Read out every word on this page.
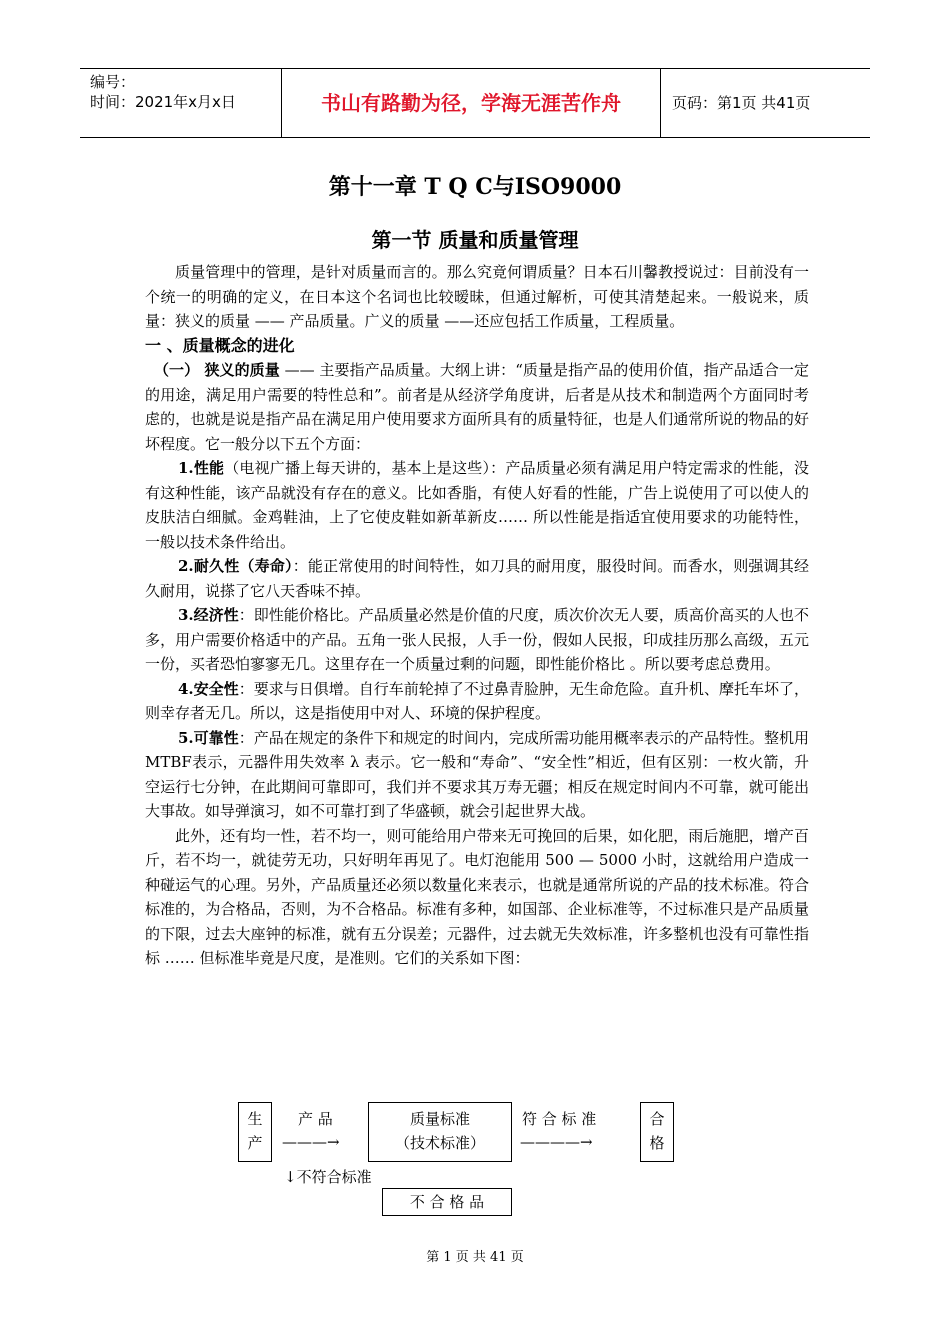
编号：
时间：2021年x月x日	书山有路勤为径，学海无涯苦作舟	页码：第1页 共41页
第十一章 T Q C与ISO9000
第一节 质量和质量管理

质量管理中的管理，是针对质量而言的。那么究竟何谓质量？日本石川馨教授说过：目前没有一个统一的明确的定义，在日本这个名词也比较暧昧，但通过解析，可使其清楚起来。一般说来，质量：狭义的质量 —— 产品质量。广义的质量 ——还应包括工作质量，工程质量。

一 、质量概念的进化

（一） 狭义的质量 —— 主要指产品质量。大纲上讲：“质量是指产品的使用价值，指产品适合一定的用途，满足用户需要的特性总和”。前者是从经济学角度讲，后者是从技术和制造两个方面同时考虑的，也就是说是指产品在满足用户使用要求方面所具有的质量特征，也是人们通常所说的物品的好坏程度。它一般分以下五个方面：

1.性能（电视广播上每天讲的，基本上是这些）：产品质量必须有满足用户特定需求的性能，没有这种性能，该产品就没有存在的意义。比如香脂，有使人好看的性能，广告上说使用了可以使人的皮肤洁白细腻。金鸡鞋油，上了它使皮鞋如新革新皮…… 所以性能是指适宜使用要求的功能特性，一般以技术条件给出。

2.耐久性（寿命）：能正常使用的时间特性，如刀具的耐用度，服役时间。而香水，则强调其经久耐用，说搽了它八天香味不掉。

3.经济性：即性能价格比。产品质量必然是价值的尺度，质次价次无人要，质高价高买的人也不多，用户需要价格适中的产品。五角一张人民报，人手一份，假如人民报，印成挂历那么高级，五元一份，买者恐怕寥寥无几。这里存在一个质量过剩的问题，即性能价格比 。所以要考虑总费用。

4.安全性：要求与日俱增。自行车前轮掉了不过鼻青脸肿，无生命危险。直升机、摩托车坏了，则幸存者无几。所以，这是指使用中对人、环境的保护程度。

5.可靠性：产品在规定的条件下和规定的时间内，完成所需功能用概率表示的产品特性。整机用MTBF表示，元器件用失效率 λ 表示。它一般和“寿命”、“安全性”相近，但有区别：一枚火箭，升空运行七分钟，在此期间可靠即可，我们并不要求其万寿无疆；相反在规定时间内不可靠，就可能出大事故。如导弹演习，如不可靠打到了华盛顿，就会引起世界大战。

此外，还有均一性，若不均一，则可能给用户带来无可挽回的后果，如化肥，雨后施肥，增产百斤，若不均一，就徒劳无功，只好明年再见了。电灯泡能用 500 — 5000 小时，这就给用户造成一种碰运气的心理。另外，产品质量还必须以数量化来表示，也就是通常所说的产品的技术标准。符合标准的，为合格品，否则，为不合格品。标准有多种，如国部、企业标准等，不过标准只是产品质量的下限，过去大座钟的标准，就有五分误差；元器件，过去就无失效标准，许多整机也没有可靠性指标 …… 但标准毕竟是尺度，是准则。它们的关系如下图：

生
产
产 品
———→
质量标准
（技术标准）
符 合 标 准
————→
合
格
↓不符合标准
不 合 格 品
第 1 页 共 41 页
